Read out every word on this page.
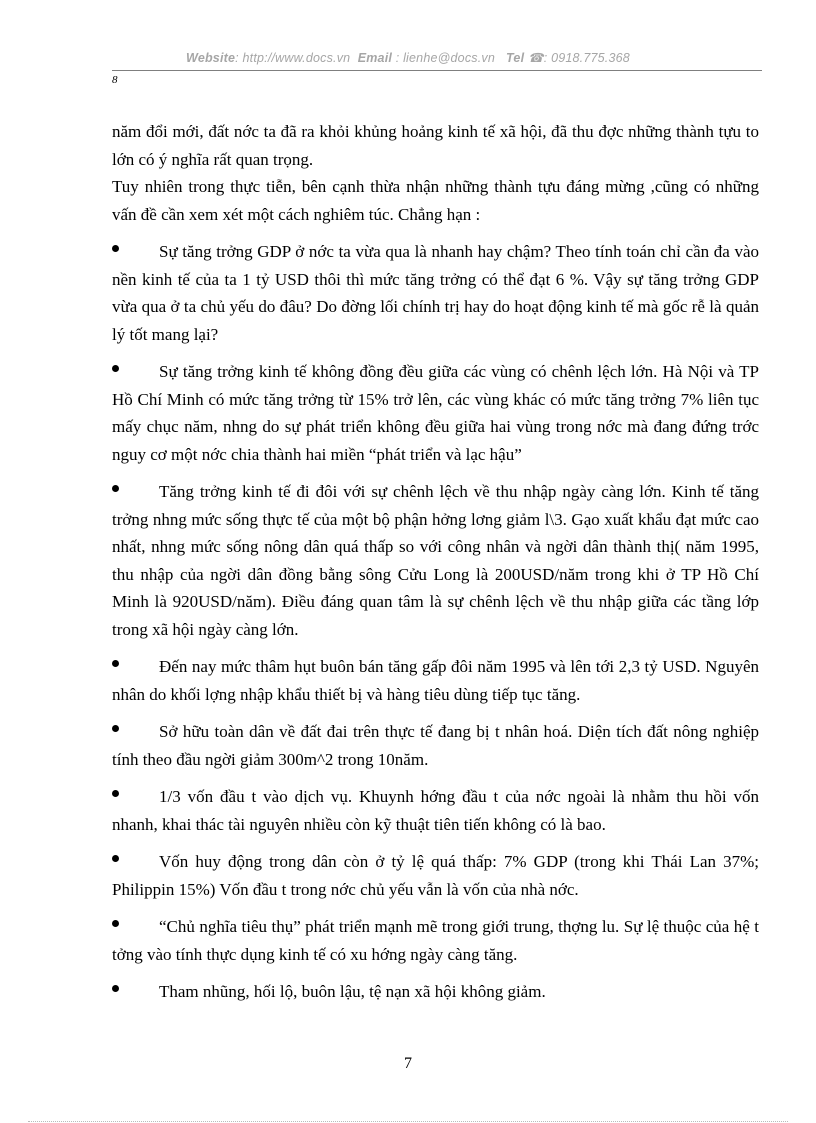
Website: http://www.docs.vn Email : lienhe@docs.vn Tel ☎: 0918.775.368
8

năm đổi mới, đất nớc ta đã ra khỏi khủng hoảng kinh tế xã hội, đã thu đợc những thành tựu to lớn có ý nghĩa rất quan trọng.

Tuy nhiên trong thực tiễn, bên cạnh thừa nhận những thành tựu đáng mừng ,cũng có những vấn đề cần xem xét một cách nghiêm túc. Chẳng hạn :

Sự tăng trởng GDP ở nớc ta vừa qua là nhanh hay chậm? Theo tính toán chỉ cần đa vào nền kinh tế của ta 1 tỷ USD thôi thì mức tăng trởng có thể đạt 6 %. Vậy sự tăng trởng GDP vừa qua ở ta chủ yếu do đâu? Do đờng lối chính trị hay do hoạt động kinh tế mà gốc rễ là quản lý tốt mang lại?
Sự tăng trởng kinh tế không đồng đều giữa các vùng có chênh lệch lớn. Hà Nội và TP Hồ Chí Minh có mức tăng trởng từ 15% trở lên, các vùng khác có mức tăng trởng 7% liên tục mấy chục năm, nhng do sự phát triển không đều giữa hai vùng trong nớc mà đang đứng trớc nguy cơ một nớc chia thành hai miền “phát triển và lạc hậu”
Tăng trởng kinh tế đi đôi với sự chênh lệch về thu nhập ngày càng lớn. Kinh tế tăng trởng nhng mức sống thực tế của một bộ phận hởng lơng giảm l\3. Gạo xuất khẩu đạt mức cao nhất, nhng mức sống nông dân quá thấp so với công nhân và ngời dân thành thị( năm 1995, thu nhập của ngời dân đồng bằng sông Cửu Long là 200USD/năm trong khi ở TP Hồ Chí Minh là 920USD/năm). Điều đáng quan tâm là sự chênh lệch về thu nhập giữa các tầng lớp trong xã hội ngày càng lớn.
Đến nay mức thâm hụt buôn bán tăng gấp đôi năm 1995 và lên tới 2,3 tỷ USD. Nguyên nhân do khối lợng nhập khẩu thiết bị và hàng tiêu dùng tiếp tục tăng.
Sở hữu toàn dân về đất đai trên thực tế đang bị t nhân hoá. Diện tích đất nông nghiệp tính theo đầu ngời giảm 300m^2 trong 10năm.
1/3 vốn đầu t vào dịch vụ. Khuynh hớng đầu t của nớc ngoài là nhằm thu hồi vốn nhanh, khai thác tài nguyên nhiều còn kỹ thuật tiên tiến không có là bao.
Vốn huy động trong dân còn ở tỷ lệ quá thấp: 7% GDP (trong khi Thái Lan 37%; Philippin 15%) Vốn đầu t trong nớc chủ yếu vẫn là vốn của nhà nớc.
“Chủ nghĩa tiêu thụ” phát triển mạnh mẽ trong giới trung, thợng lu. Sự lệ thuộc của hệ t tởng vào tính thực dụng kinh tế có xu hớng ngày càng tăng.
Tham nhũng, hối lộ, buôn lậu, tệ nạn xã hội không giảm.
7
